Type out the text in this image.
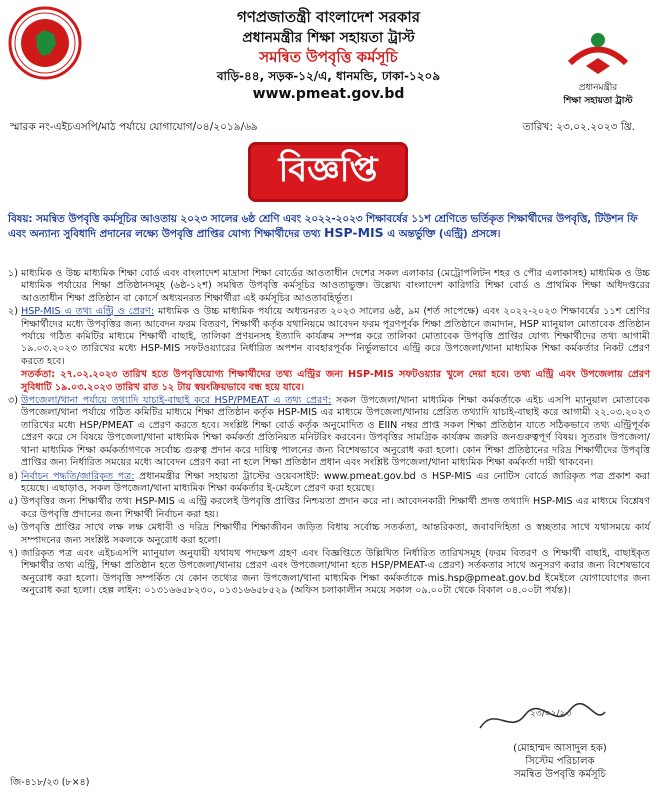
প্রধানমন্ত্রীর
শিক্ষা সহায়তা ট্রাস্ট
গণপ্রজাতন্ত্রী বাংলাদেশ সরকার
প্রধানমন্ত্রীর শিক্ষা সহায়তা ট্রাস্ট
সমন্বিত উপবৃত্তি কর্মসূচি
বাড়ি-৪৪, সড়ক-১২/এ, ধানমন্ডি, ঢাকা-১২০৯
www.pmeat.gov.bd
স্মারক নং-এইচএসপি/মাঠ পর্যায়ে যোগাযোগ/০৪/২০১৯/৬৯	তারিখ: ২৩.০২.২০২৩ খ্রি.
বিজ্ঞপ্তি
বিষয়: সমন্বিত উপবৃত্তি কর্মসূচির আওতায় ২০২৩ সালের ৬ষ্ঠ শ্রেণি এবং ২০২২-২০২৩ শিক্ষাবর্ষের ১১শ শ্রেণিতে ভর্তিকৃত শিক্ষার্থীদের উপবৃত্তি, টিউশন ফি এবং অন্যান্য সুবিধাদি প্রদানের লক্ষ্যে উপবৃত্তি প্রাপ্তির যোগ্য শিক্ষার্থীদের তথ্য HSP-MIS এ অন্তর্ভুক্তি (এন্ট্রি) প্রসঙ্গে।
১) মাধ্যমিক ও উচ্চ মাধ্যমিক শিক্ষা বোর্ড এবং বাংলাদেশ মাদ্রাসা শিক্ষা বোর্ডের আওতাধীন দেশের সকল এলাকার (মেট্রোপলিটন শহর ও পৌর এলাকাসহ) মাধ্যমিক ও উচ্চ মাধ্যমিক পর্যায়ের শিক্ষা প্রতিষ্ঠানসমূহ (৬ষ্ঠ-১২শ) সমন্বিত উপবৃত্তি কর্মসূচির আওতাভুক্ত। উল্লেখ্য বাংলাদেশ কারিগরি শিক্ষা বোর্ড ও প্রাথমিক শিক্ষা অধিদপ্তরের আওতাধীন শিক্ষা প্রতিষ্ঠান বা কোর্সে অধ্যয়নরত শিক্ষার্থীরা এই কর্মসূচির আওতাবহির্ভূত।
২) HSP-MIS এ তথ্য এন্ট্রি ও প্রেরণ: মাধ্যমিক ও উচ্চ মাধ্যমিক পর্যায়ে অধ্যয়নরত ২০২৩ সালের ৬ষ্ঠ, ৯ম (শর্ত সাপেক্ষে) এবং ২০২২-২০২৩ শিক্ষাবর্ষের ১১শ শ্রেণির শিক্ষার্থীদের মধ্যে উপবৃত্তির জন্য আবেদন ফরম বিতরণ, শিক্ষার্থী কর্তৃক যথানিয়মে আবেদন ফরম পূরণপূর্বক শিক্ষা প্রতিষ্ঠানে জমাদান, HSP ম্যানুয়াল মোতাবেক প্রতিষ্ঠান পর্যায়ে গঠিত কমিটির মাধ্যমে শিক্ষার্থী বাছাই, তালিকা প্রণয়নসহ ইত্যাদি কার্যক্রম সম্পন্ন করে তালিকা মোতাবেক উপবৃত্তি প্রাপ্তির যোগ্য শিক্ষার্থীদের তথ্য আগামী ১৯.০৩.২০২৩ তারিখের মধ্যে HSP-MIS সফটওয়্যারের নির্ধারিত অপশন ব্যবহারপূর্বক নির্ভুলভাবে এন্ট্রি করে উপজেলা/থানা মাধ্যমিক শিক্ষা কর্মকর্তার নিকট প্রেরণ করতে হবে।
সতর্কতা: ২৭.০২.২০২৩ তারিখ হতে উপবৃত্তিযোগ্য শিক্ষার্থীদের তথ্য এন্ট্রির জন্য HSP-MIS সফটওয়্যার খুলে দেয়া হবে। তথ্য এন্ট্রি এবং উপজেলায় প্রেরণ সুবিধাটি ১৯.০৩.২০২৩ তারিখ রাত ১২ টায় স্বয়ংক্রিয়ভাবে বন্ধ হয়ে যাবে।
৩) উপজেলা/থানা পর্যায়ে তথ্যাদি যাচাই-বাছাই করে HSP/PMEAT এ তথ্য প্রেরণ: সকল উপজেলা/থানা মাধ্যমিক শিক্ষা কর্মকর্তাকে এইচ এসপি ম্যানুয়াল মোতাবেক উপজেলা/থানা পর্যায়ে গঠিত কমিটির মাধ্যমে শিক্ষা প্রতিষ্ঠান কর্তৃক HSP-MIS এর মাধ্যমে উপজেলা/থানায় প্রেরিত তথ্যাদি যাচাই-বাছাই করে আগামী ২২.০৩.২০২৩ তারিখের মধ্যে HSP/PMEAT এ প্রেরণ করতে হবে। সংশ্লিষ্ট শিক্ষা বোর্ড কর্তৃক অনুমোদিত ও EIIN নম্বর প্রাপ্ত সকল শিক্ষা প্রতিষ্ঠান যাতে সঠিকভাবে তথ্য এন্ট্রিপূর্বক প্রেরণ করে সে বিষয়ে উপজেলা/থানা মাধ্যমিক শিক্ষা কর্মকর্তা প্রতিনিয়ত মনিটরিং করবেন। উপবৃত্তির সামগ্রিক কার্যক্রম জরুরি জনগুরুত্বপূর্ণ বিষয়। সুতরাং উপজেলা/থানা মাধ্যমিক শিক্ষা কর্মকর্তাগণকে সর্বোচ্চ গুরুত্ব প্রদান করে দায়িত্ব পালনের জন্য বিশেষভাবে অনুরোধ করা হলো। কোন শিক্ষা প্রতিষ্ঠানের দরিদ্র শিক্ষার্থীদের উপবৃত্তি প্রাপ্তির জন্য নির্ধারিত সময়ের মধ্যে আবেদন প্রেরণ করা না হলে শিক্ষা প্রতিষ্ঠান প্রধান এবং সংশ্লিষ্ট উপজেলা/থানা মাধ্যমিক শিক্ষা কর্মকর্তা দায়ী থাকবেন।
৪) নির্বাচন পদ্ধতি/জারিকৃত পত্র: প্রধানমন্ত্রীর শিক্ষা সহায়তা ট্রাস্টের ওয়েবসাইট: www.pmeat.gov.bd ও HSP-MIS এর নোটিস বোর্ডে জারিকৃত পত্র প্রকাশ করা হয়েছে। এছাড়াও, সকল উপজেলা/থানা মাধ্যমিক শিক্ষা কর্মকর্তার ই-মেইলে প্রেরণ করা হয়েছে।
৫) উপবৃত্তির জন্য শিক্ষার্থীর তথ্য HSP-MIS এ এন্ট্রি করলেই উপবৃত্তি প্রাপ্তির নিশ্চয়তা প্রদান করে না। আবেদনকারী শিক্ষার্থী প্রদত্ত তথ্যাদি HSP-MIS এর মাধ্যমে বিশ্লেষণ করে উপবৃত্তি প্রদানের জন্য শিক্ষার্থী নির্বাচন করা হয়।
৬) উপবৃত্তি প্রাপ্তির সাথে লক্ষ লক্ষ মেধাবী ও দরিদ্র শিক্ষার্থীর শিক্ষাজীবন জড়িত বিধায় সর্বোচ্চ সতর্কতা, আন্তরিকতা, জবাবদিহিতা ও স্বচ্ছতার সাথে যথাসময়ে কার্য সম্পাদনের জন্য সংশ্লিষ্ট সকলকে অনুরোধ করা হলো।
৭) জারিকৃত পত্র এবং এইচএসপি ম্যানুয়াল অনুযায়ী যথাযথ পদক্ষেপ গ্রহণ এবং বিজ্ঞপ্তিতে উল্লিখিত নির্ধারিত তারিখসমূহ (ফরম বিতরণ ও শিক্ষার্থী বাছাই, বাছাইকৃত শিক্ষার্থীর তথ্য এন্ট্রি, শিক্ষা প্রতিষ্ঠান হতে উপজেলা/থানায় প্রেরণ এবং উপজেলা/থানা হতে HSP/PMEAT-এ প্রেরণ) সর্তকতার সাথে অনুসরণ করার জন্য বিশেষভাবে অনুরোধ করা হলো। উপবৃত্তি সম্পর্কিত যে কোন তথ্যের জন্য উপজেলা/থানা মাধ্যমিক শিক্ষা কর্মকর্তাকে mis.hsp@pmeat.gov.bd ইমেইলে যোগাযোগের জন্য অনুরোধ করা হলো। হেল্প লাইন: ০১৩১৬৬৫৮২৩০, ০১৩১৬৬৫৮৫২৯ (অফিস চলাকালীন সময়ে সকাল ০৯.০০টা থেকে বিকাল ০৪.০০টা পর্যন্ত)।
২৩/০২/২৩
(মোহাম্মদ আসাদুল হক)
সিস্টেম পরিচালক
সমন্বিত উপবৃত্তি কর্মসূচি
জি-৪১৮/২৩ (৮×৪)
